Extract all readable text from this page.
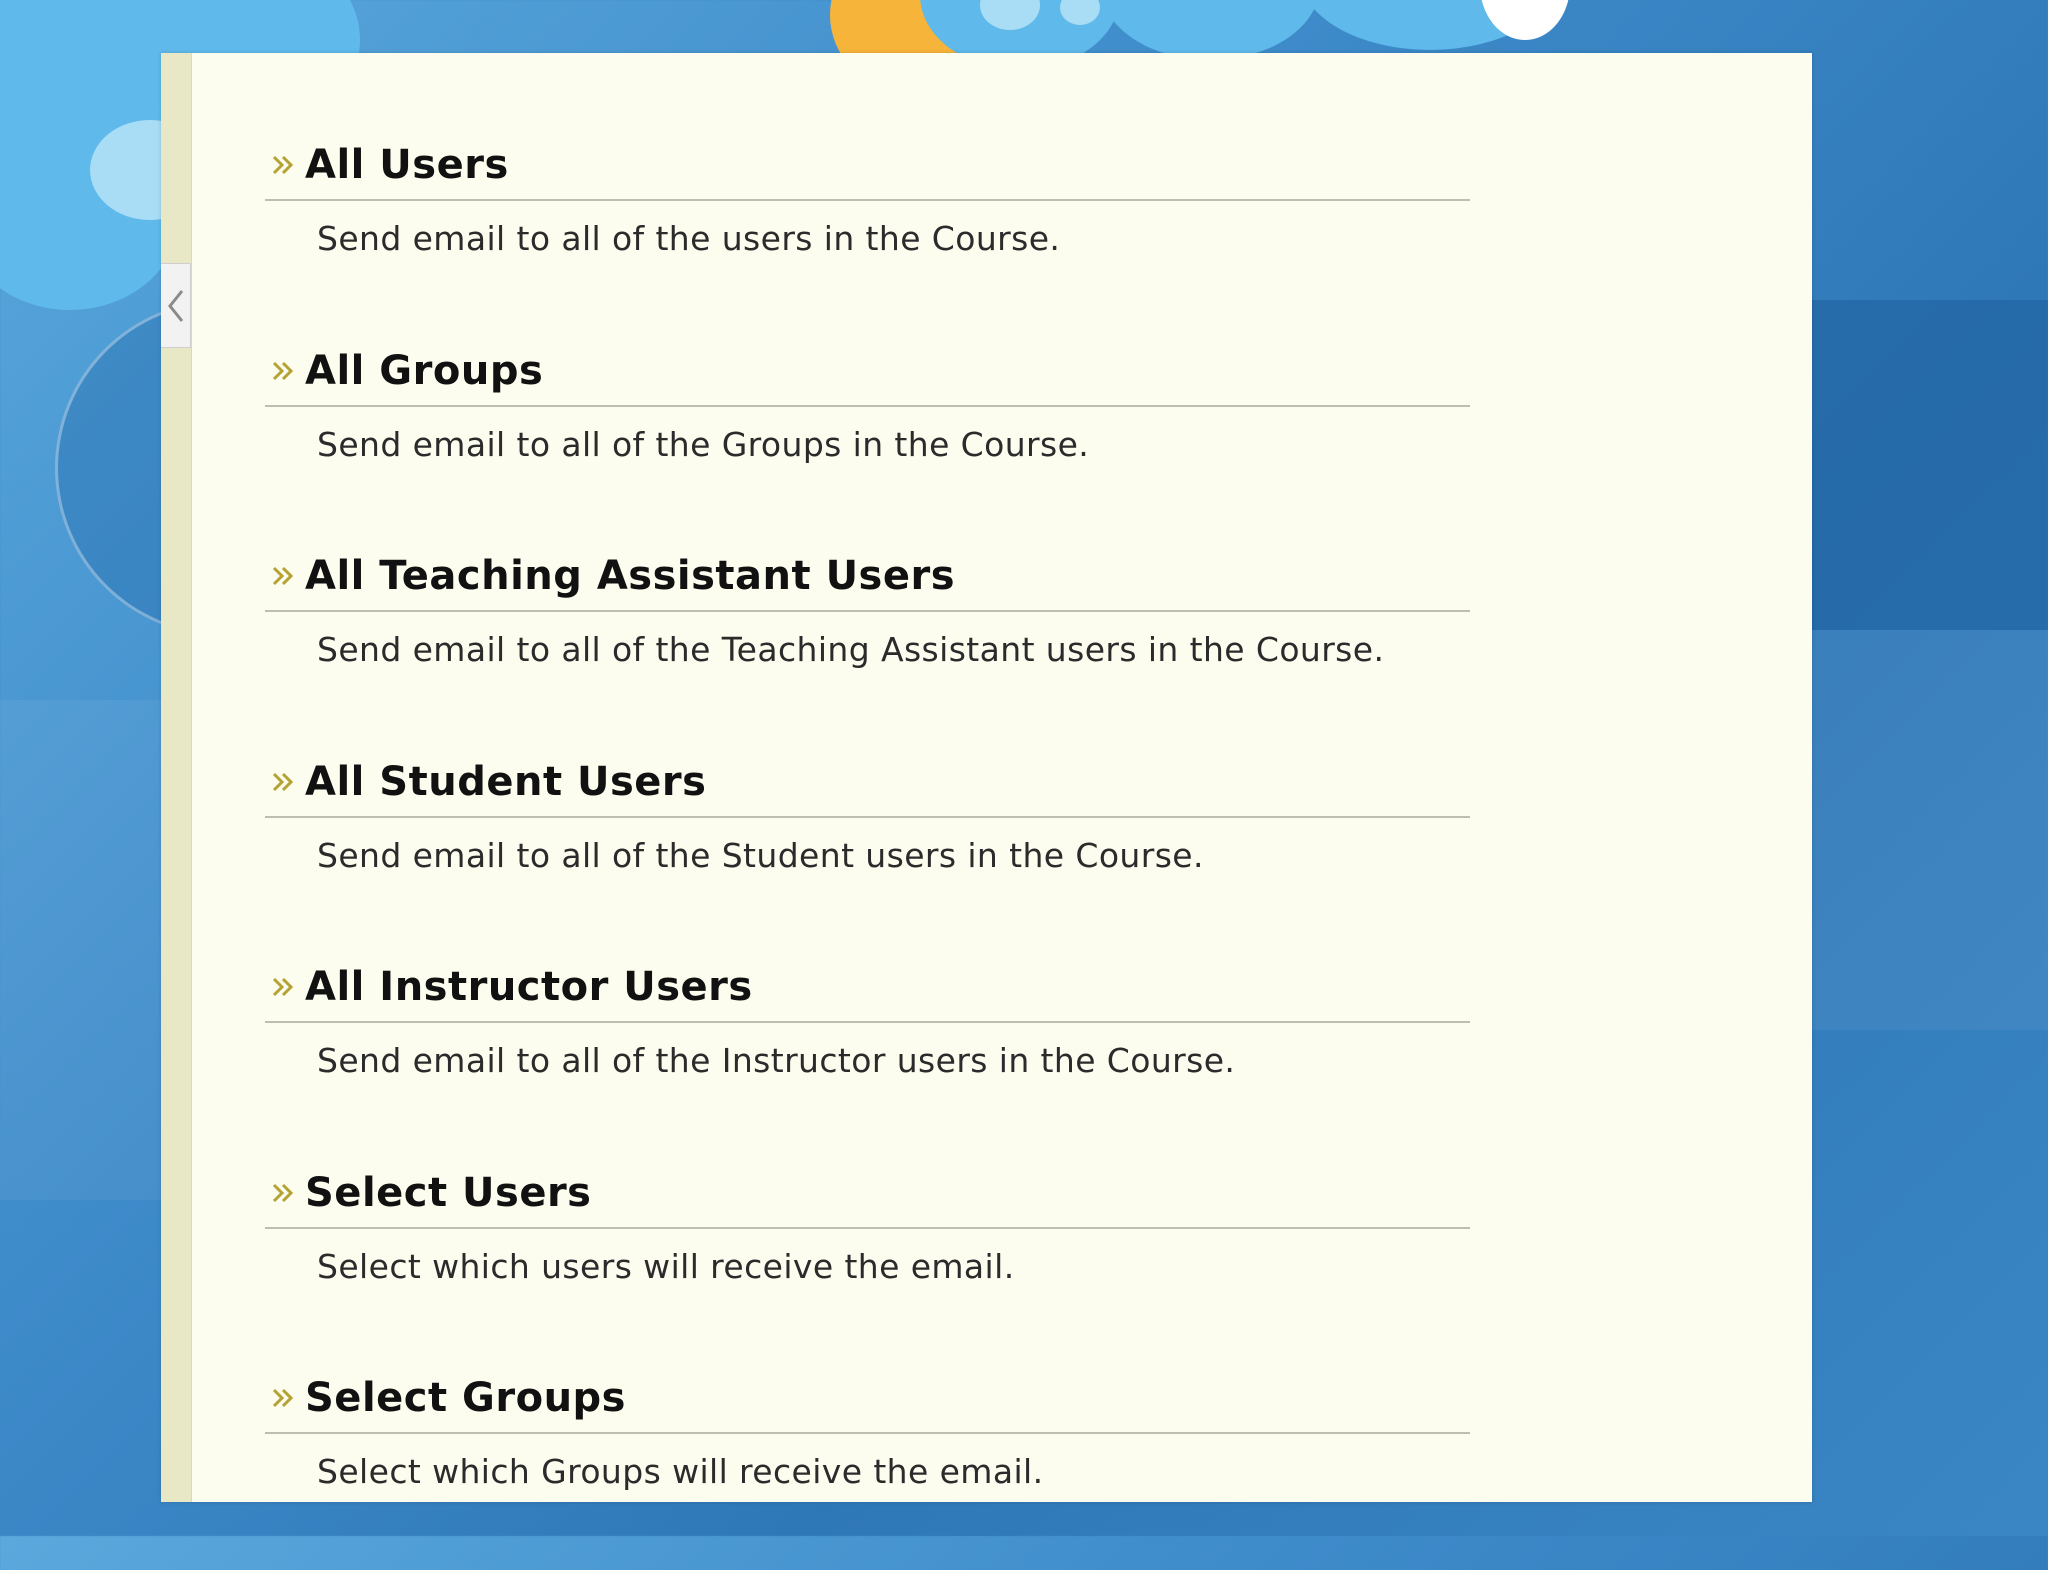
All Users
Send email to all of the users in the Course.
All Groups
Send email to all of the Groups in the Course.
All Teaching Assistant Users
Send email to all of the Teaching Assistant users in the Course.
All Student Users
Send email to all of the Student users in the Course.
All Instructor Users
Send email to all of the Instructor users in the Course.
Select Users
Select which users will receive the email.
Select Groups
Select which Groups will receive the email.
